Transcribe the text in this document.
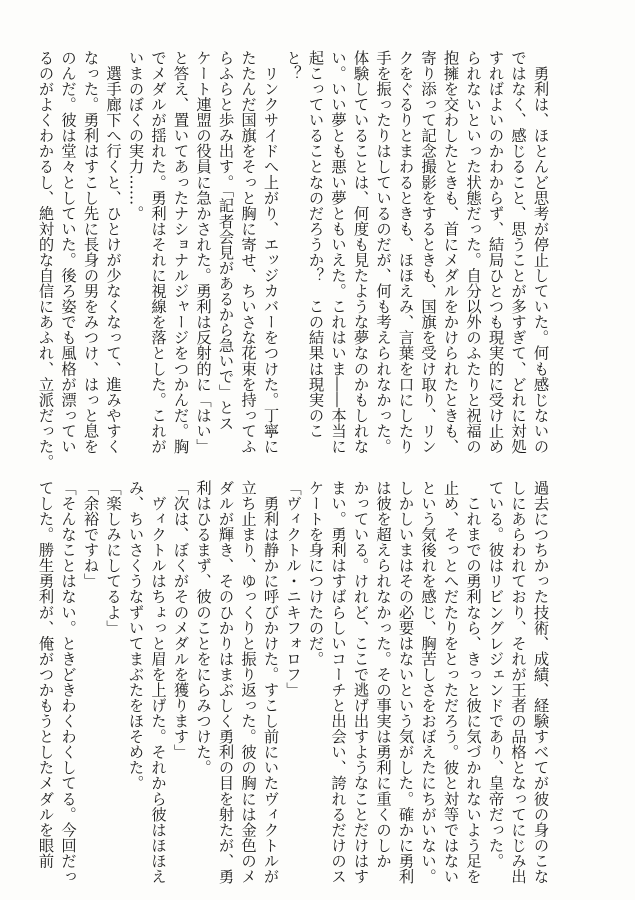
　勇利は、ほとんど思考が停止していた。何も感じないの
ではなく、感じること、思うことが多すぎて、どれに対処
すればよいのかわからず、結局ひとつも現実的に受け止め
られないといった状態だった。自分以外のふたりと祝福の
抱擁を交わしたときも、首にメダルをかけられたときも、
寄り添って記念撮影をするときも、国旗を受け取り、リン
クをぐるりとまわるときも、ほほえみ、言葉を口にしたり
手を振ったりはしているのだが、何も考えられなかった。
体験していることは、何度も見たような夢なのかもしれな
い。いい夢とも悪い夢ともいえた。これはいま――本当に
起こっていることなのだろうか？　この結果は現実のこ
と？
　リンクサイドへ上がり、エッジカバーをつけた。丁寧に
たたんだ国旗をそっと胸に寄せ、ちいさな花束を持ってふ
らふらと歩み出す。「記者会見があるから急いで」とス
ケート連盟の役員に急かされた。勇利は反射的に「はい」
と答え、置いてあったナショナルジャージをつかんだ。胸
でメダルが揺れた。勇利はそれに視線を落とした。これが
いまのぼくの実力……。
　選手廊下へ行くと、ひとけが少なくなって、進みやすく
なった。勇利はすこし先に長身の男をみつけ、はっと息を
のんだ。彼は堂々としていた。後ろ姿でも風格が漂ってい
るのがよくわかるし、絶対的な自信にあふれ、立派だった。
過去につちかった技術、成績、経験すべてが彼の身のこな
しにあらわれており、それが王者の品格となってにじみ出
ている。彼はリビングレジェンドであり、皇帝だった。
　これまでの勇利なら、きっと彼に気づかれないよう足を
止め、そっとへだたりをとっただろう。彼と対等ではない
という気後れを感じ、胸苦しさをおぼえたにちがいない。
しかしいまはその必要はないという気がした。確かに勇利
は彼を超えられなかった。その事実は勇利に重くのしか
かっている。けれど、ここで逃げ出すようなことだけはす
まい。勇利はすばらしいコーチと出会い、誇れるだけのス
ケートを身につけたのだ。
「ヴィクトル・ニキフォロフ」
　勇利は静かに呼びかけた。すこし前にいたヴィクトルが
立ち止まり、ゆっくりと振り返った。彼の胸には金色のメ
ダルが輝き、そのひかりはまぶしく勇利の目を射たが、勇
利はひるまず、彼のことをにらみつけた。
「次は、ぼくがそのメダルを獲ります」
　ヴィクトルはちょっと眉を上げた。それから彼はほほえ
み、ちいさくうなずいてまぶたをほそめた。
「楽しみにしてるよ」
「余裕ですね」
「そんなことはない。ときどきわくわくしてる。今回だっ
てした。勝生勇利が、俺がつかもうとしたメダルを眼前
